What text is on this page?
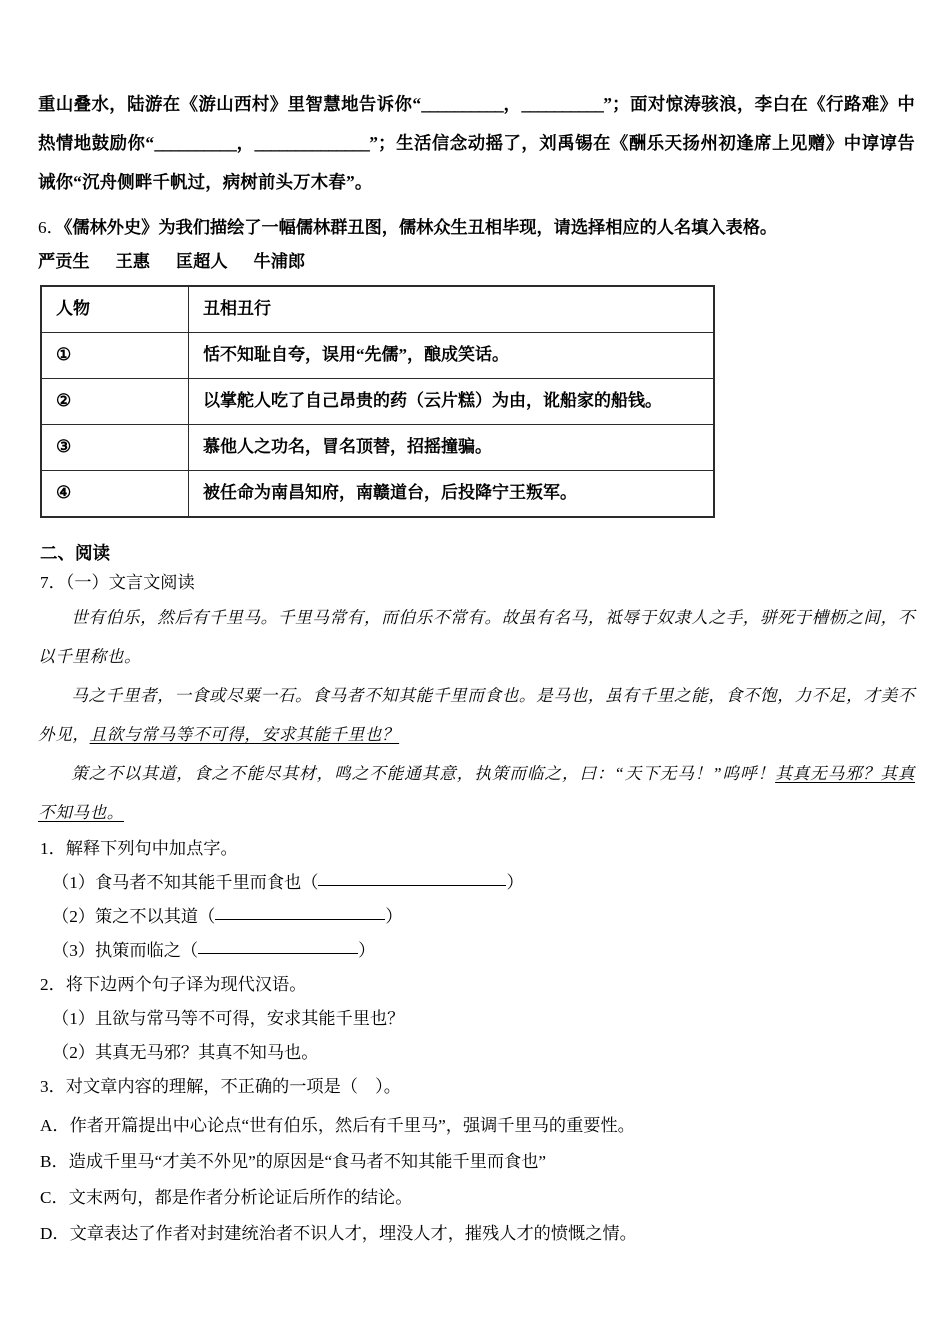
重山叠水，陆游在《游山西村》里智慧地告诉你“__________，__________”；面对惊涛骇浪，李白在《行路难》中热情地鼓励你“__________，______________”；生活信念动摇了，刘禹锡在《酬乐天扬州初逢席上见赠》中谆谆告诫你“沉舟侧畔千帆过，病树前头万木春”。
6．《儒林外史》为我们描绘了一幅儒林群丑图，儒林众生丑相毕现，请选择相应的人名填入表格。
严贡生 王惠 匡超人 牛浦郎
人物	丑相丑行
①	恬不知耻自夸，误用“先儒”，酿成笑话。
②	以掌舵人吃了自己昂贵的药（云片糕）为由，讹船家的船钱。
③	慕他人之功名，冒名顶替，招摇撞骗。
④	被任命为南昌知府，南赣道台，后投降宁王叛军。
二、阅读
7．（一）文言文阅读

世有伯乐，然后有千里马。千里马常有，而伯乐不常有。故虽有名马，祗辱于奴隶人之手，骈死于槽枥之间，不以千里称也。

马之千里者，一食或尽粟一石。食马者不知其能千里而食也。是马也，虽有千里之能，食不饱，力不足，才美不外见，且欲与常马等不可得，安求其能千里也？

策之不以其道，食之不能尽其材，鸣之不能通其意，执策而临之，曰：“天下无马！”呜呼！其真无马邪？其真不知马也。

1．解释下列句中加点字。
（1）食马者不知其能千里而食也（	）
（2）策之不以其道（	）
（3）执策而临之（	）
2．将下边两个句子译为现代汉语。
（1）且欲与常马等不可得，安求其能千里也？
（2）其真无马邪？其真不知马也。
3．对文章内容的理解，不正确的一项是（　）。
A．作者开篇提出中心论点“世有伯乐，然后有千里马”，强调千里马的重要性。
B．造成千里马“才美不外见”的原因是“食马者不知其能千里而食也”
C．文末两句，都是作者分析论证后所作的结论。
D．文章表达了作者对封建统治者不识人才，埋没人才，摧残人才的愤慨之情。
